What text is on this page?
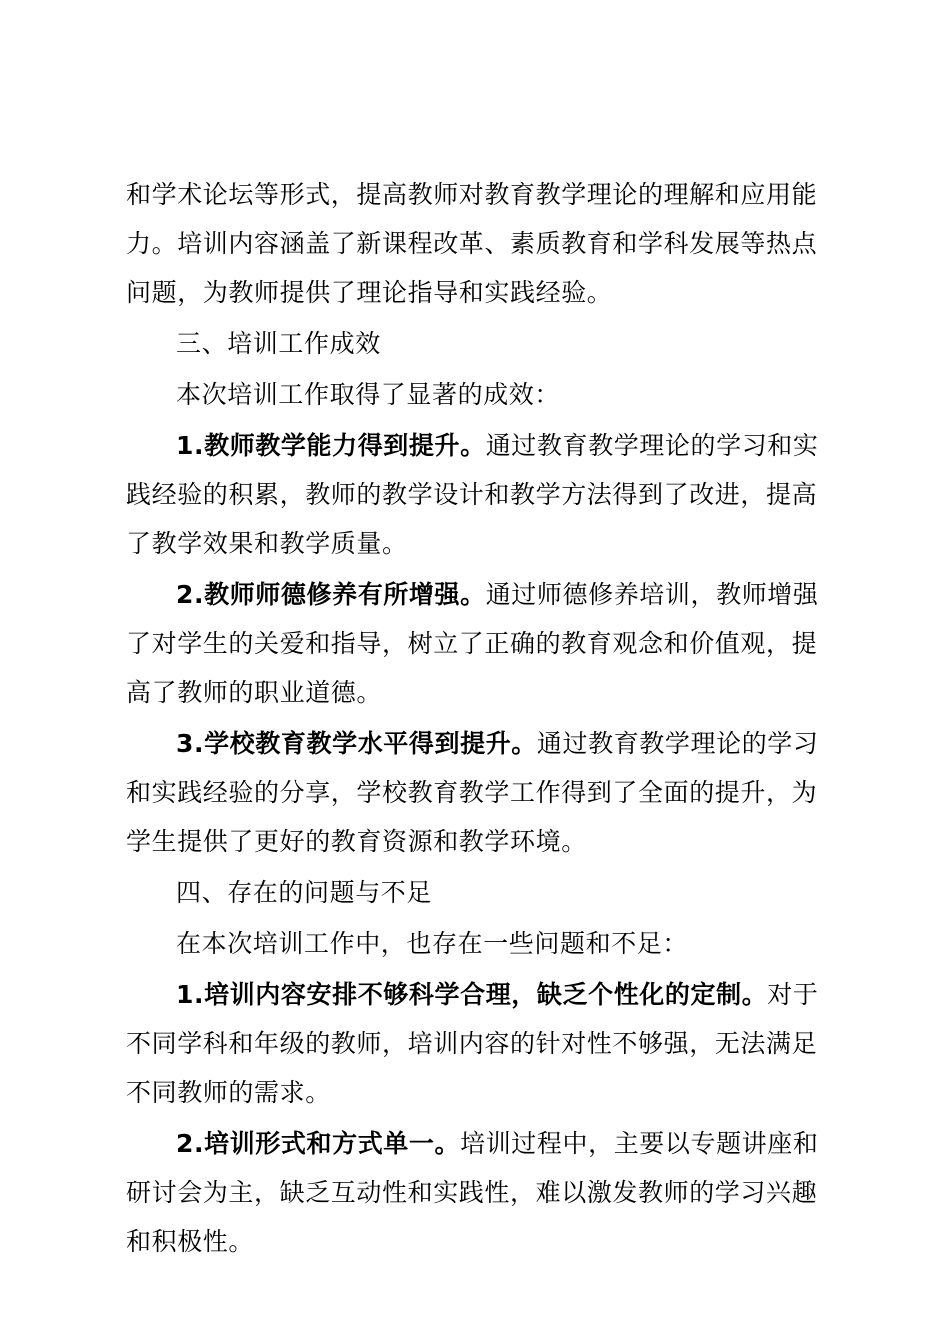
和学术论坛等形式，提高教师对教育教学理论的理解和应用能力。培训内容涵盖了新课程改革、素质教育和学科发展等热点问题，为教师提供了理论指导和实践经验。

三、培训工作成效

本次培训工作取得了显著的成效：

1.教师教学能力得到提升。通过教育教学理论的学习和实践经验的积累，教师的教学设计和教学方法得到了改进，提高了教学效果和教学质量。

2.教师师德修养有所增强。通过师德修养培训，教师增强了对学生的关爱和指导，树立了正确的教育观念和价值观，提高了教师的职业道德。

3.学校教育教学水平得到提升。通过教育教学理论的学习和实践经验的分享，学校教育教学工作得到了全面的提升，为学生提供了更好的教育资源和教学环境。

四、存在的问题与不足

在本次培训工作中，也存在一些问题和不足：

1.培训内容安排不够科学合理，缺乏个性化的定制。对于不同学科和年级的教师，培训内容的针对性不够强，无法满足不同教师的需求。

2.培训形式和方式单一。培训过程中，主要以专题讲座和研讨会为主，缺乏互动性和实践性，难以激发教师的学习兴趣和积极性。
